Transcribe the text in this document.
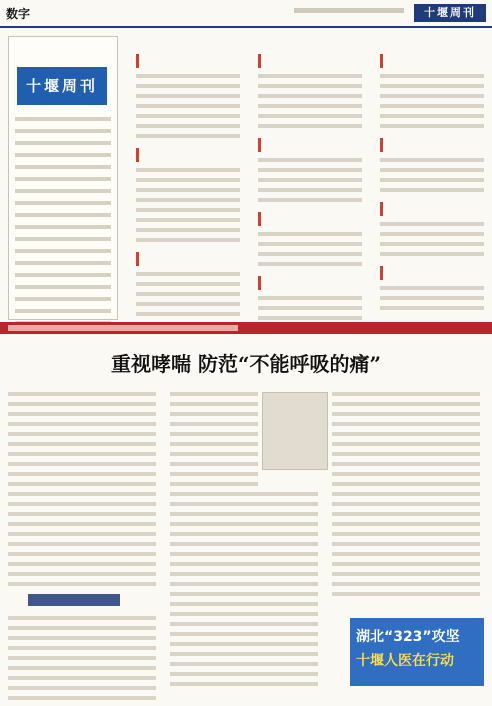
数字	十堰周刊
十堰周刊
重视哮喘 防范“不能呼吸的痛”
湖北“323”攻坚
十堰人医在行动
